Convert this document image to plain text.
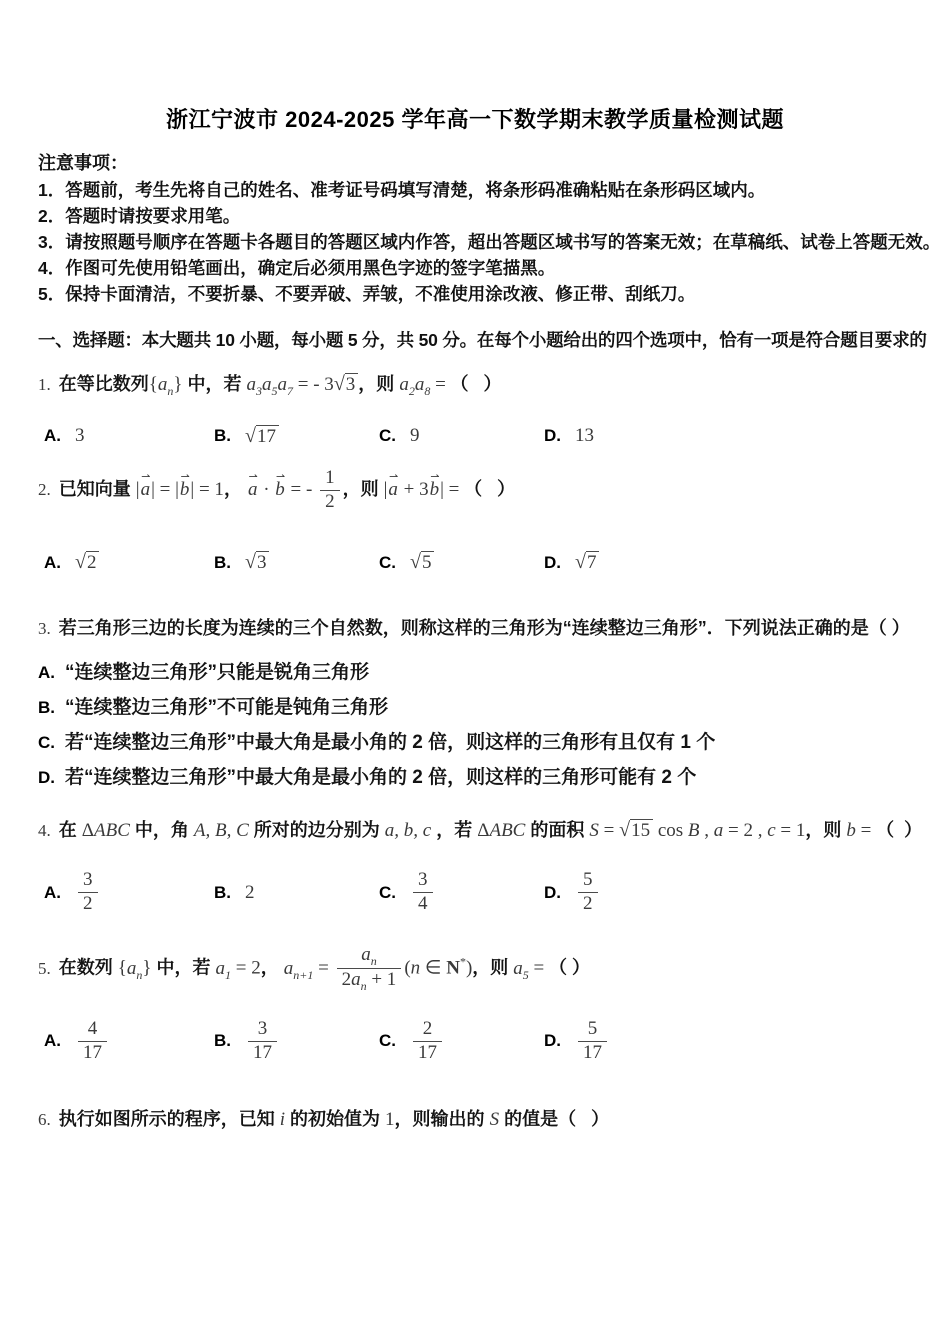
浙江宁波市 2024-2025 学年高一下数学期末教学质量检测试题
注意事项：
1．答题前，考生先将自己的姓名、准考证号码填写清楚，将条形码准确粘贴在条形码区域内。
2．答题时请按要求用笔。
3．请按照题号顺序在答题卡各题目的答题区域内作答，超出答题区域书写的答案无效；在草稿纸、试卷上答题无效。
4．作图可先使用铅笔画出，确定后必须用黑色字迹的签字笔描黑。
5．保持卡面清洁，不要折暴、不要弄破、弄皱，不准使用涂改液、修正带、刮纸刀。
一、选择题：本大题共 10 小题，每小题 5 分，共 50 分。在每个小题给出的四个选项中，恰有一项是符合题目要求的
1. 在等比数列$\{a_n\}$ 中，若 $a_3a_5a_7$ = - 3√3 ，则 $a_2a_8$ = （   ）
A. 3	B. √17	C. 9	D. 13
2. 已知向量 |a ⇀| = |b ⇀| = 1， a ⇀ · b ⇀ = - $\frac{1}{2}$ ，则 |a ⇀ + 3b ⇀| = （   ）
A. √2	B. √3	C. √5	D. √7
3. 若三角形三边的长度为连续的三个自然数，则称这样的三角形为“连续整边三角形”．下列说法正确的是（ ）
A. “连续整边三角形”只能是锐角三角形
B. “连续整边三角形”不可能是钝角三角形
C. 若“连续整边三角形”中最大角是最小角的 2 倍，则这样的三角形有且仅有 1 个
D. 若“连续整边三角形”中最大角是最小角的 2 倍，则这样的三角形可能有 2 个
4. 在 ΔABC 中，角 A, B, C 所对的边分别为 a, b, c ，若 ΔABC 的面积 S = √15 cos B , a = 2 , c = 1，则 b = （  ）
A. $\frac{3}{2}$	B. 2	C. $\frac{3}{4}$	D. $\frac{5}{2}$
5. 在数列 $\{a_n\}$ 中，若 $a_1 = 2$， $a_{n+1} = \frac{a_n}{2a_n + 1} (n$ ∈ N*)，则 $a_5$ = （ ）
A. $\frac{4}{17}$	B. $\frac{3}{17}$	C. $\frac{2}{17}$	D. $\frac{5}{17}$
6. 执行如图所示的程序，已知 i 的初始值为 1，则输出的 S 的值是（   ）
